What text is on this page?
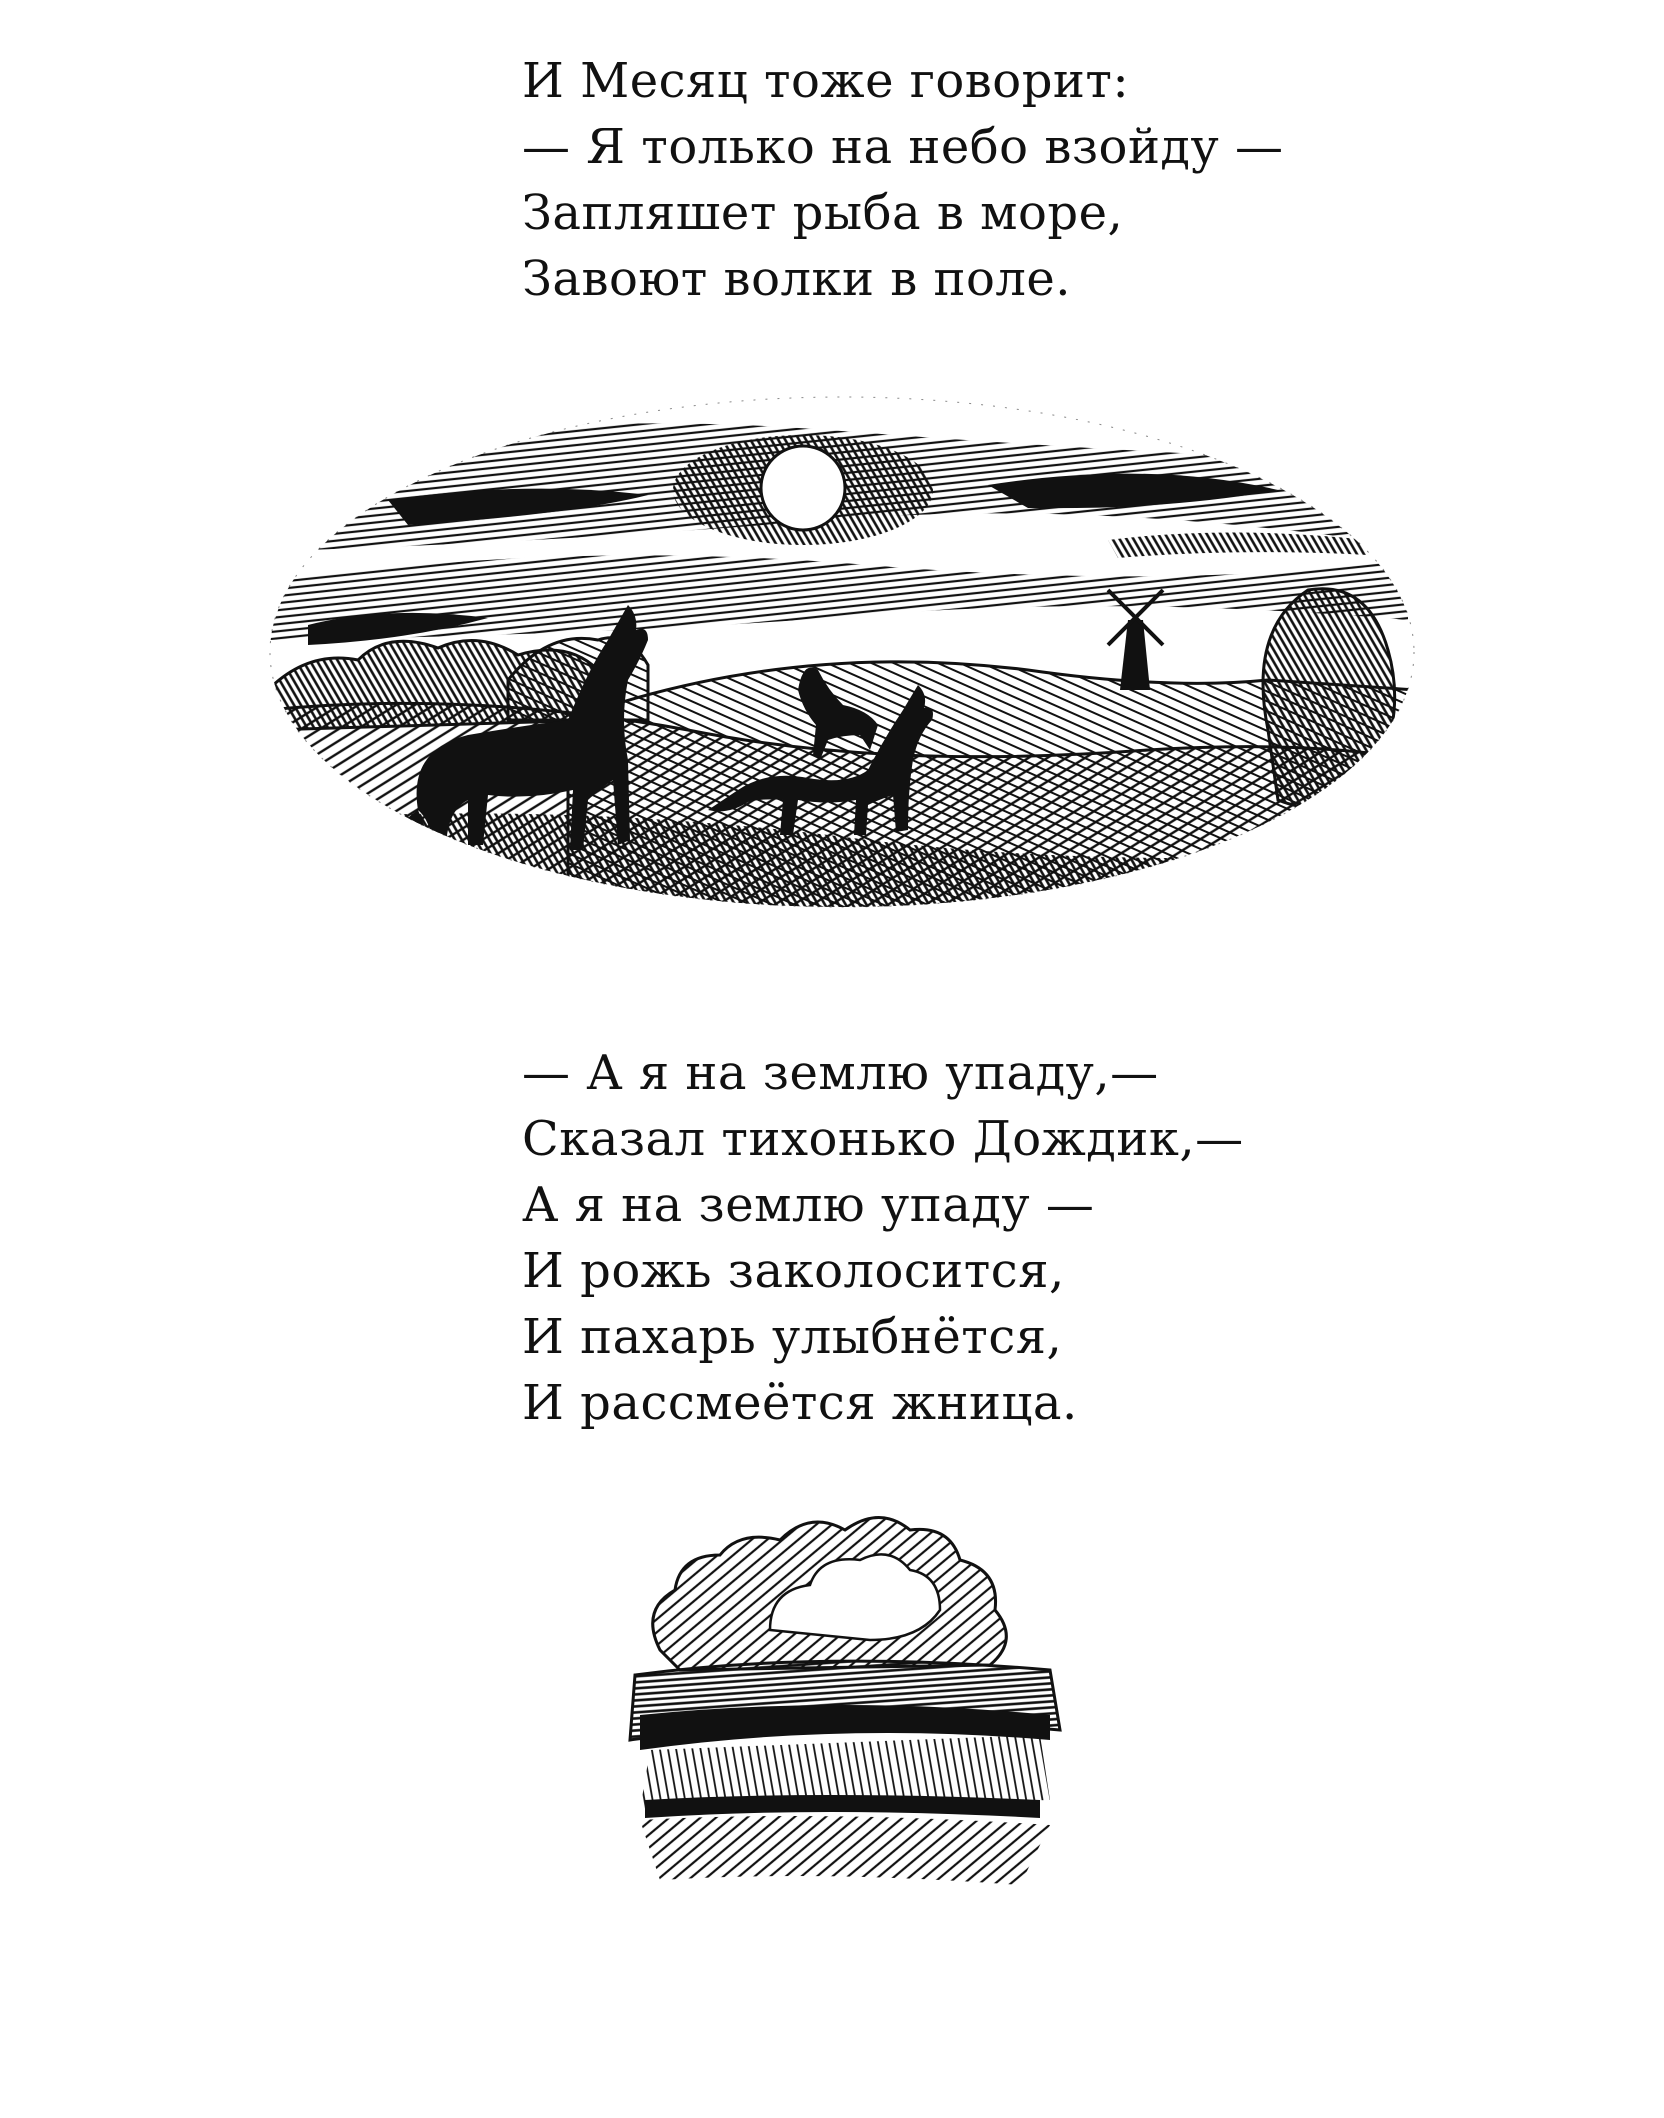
И Месяц тоже говорит:
— Я только на небо взойду —
Запляшет рыба в море,
Завоют волки в поле.
— А я на землю упаду,—
Сказал тихонько Дождик,—
А я на землю упаду —
И рожь заколосится,
И пахарь улыбнётся,
И рассмеётся жница.
